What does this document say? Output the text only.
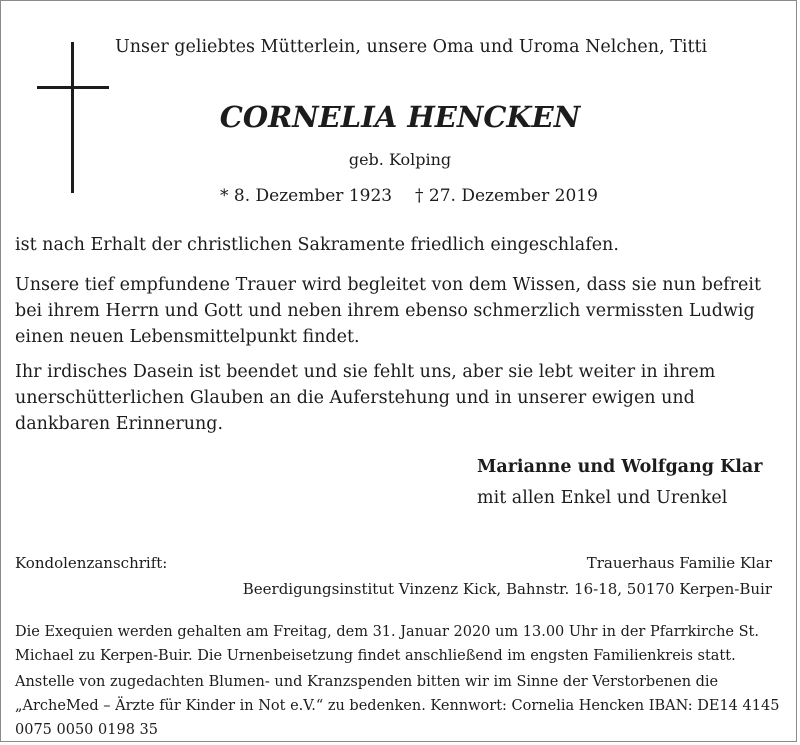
Unser geliebtes Mütterlein, unsere Oma und Uroma Nelchen, Titti
CORNELIA HENCKEN
geb. Kolping
* 8. Dezember 1923 † 27. Dezember 2019
ist nach Erhalt der christlichen Sakramente friedlich eingeschlafen.
Unsere tief empfundene Trauer wird begleitet von dem Wissen, dass sie nun befreit bei ihrem Herrn und Gott und neben ihrem ebenso schmerzlich vermissten Ludwig einen neuen Lebensmittelpunkt findet.
Ihr irdisches Dasein ist beendet und sie fehlt uns, aber sie lebt weiter in ihrem unerschütterlichen Glauben an die Auferstehung und in unserer ewigen und dankbaren Erinnerung.
Marianne und Wolfgang Klar
mit allen Enkel und Urenkel
Kondolenzanschrift:	Trauerhaus Familie Klar
Beerdigungsinstitut Vinzenz Kick, Bahnstr. 16-18, 50170 Kerpen-Buir
Die Exequien werden gehalten am Freitag, dem 31. Januar 2020 um 13.00 Uhr in der Pfarrkirche St. Michael zu Kerpen-Buir. Die Urnenbeisetzung findet anschließend im engsten Familienkreis statt.
Anstelle von zugedachten Blumen- und Kranzspenden bitten wir im Sinne der Verstorbenen die „ArcheMed – Ärzte für Kinder in Not e.V.“ zu bedenken. Kennwort: Cornelia Hencken IBAN: DE14 4145 0075 0050 0198 35
